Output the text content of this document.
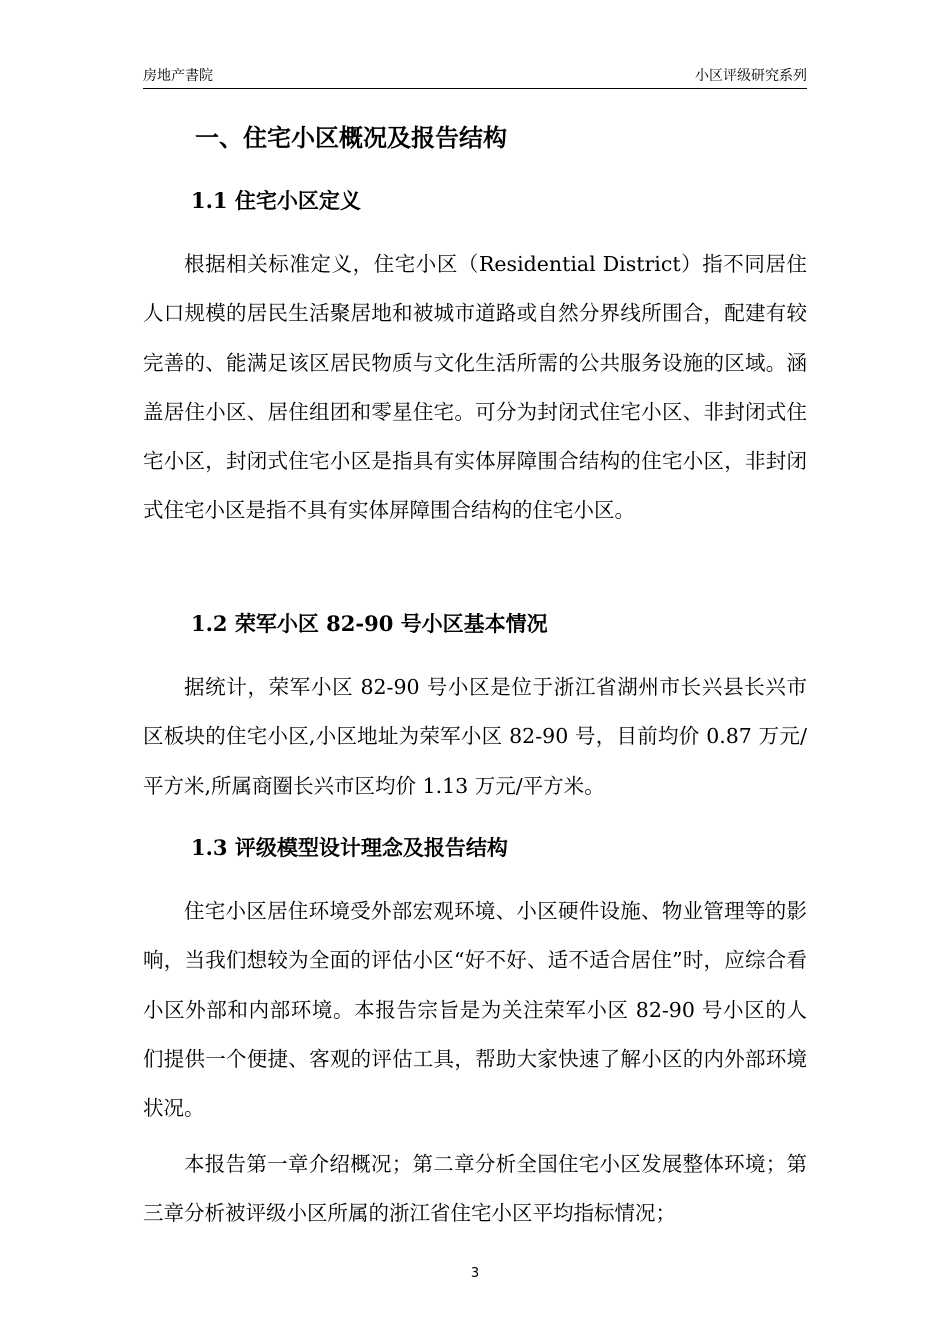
房地产書院	小区评级研究系列
一、住宅小区概况及报告结构
1.1 住宅小区定义

根据相关标准定义，住宅小区（Residential District）指不同居住人口规模的居民生活聚居地和被城市道路或自然分界线所围合，配建有较完善的、能满足该区居民物质与文化生活所需的公共服务设施的区域。涵盖居住小区、居住组团和零星住宅。可分为封闭式住宅小区、非封闭式住宅小区，封闭式住宅小区是指具有实体屏障围合结构的住宅小区，非封闭式住宅小区是指不具有实体屏障围合结构的住宅小区。

1.2 荣军小区 82-90 号小区基本情况

据统计，荣军小区 82-90 号小区是位于浙江省湖州市长兴县长兴市区板块的住宅小区,小区地址为荣军小区 82-90 号，目前均价 0.87 万元/平方米,所属商圈长兴市区均价 1.13 万元/平方米。

1.3 评级模型设计理念及报告结构

住宅小区居住环境受外部宏观环境、小区硬件设施、物业管理等的影响，当我们想较为全面的评估小区“好不好、适不适合居住”时，应综合看小区外部和内部环境。本报告宗旨是为关注荣军小区 82-90 号小区的人们提供一个便捷、客观的评估工具，帮助大家快速了解小区的内外部环境状况。

本报告第一章介绍概况；第二章分析全国住宅小区发展整体环境；第三章分析被评级小区所属的浙江省住宅小区平均指标情况；

3
